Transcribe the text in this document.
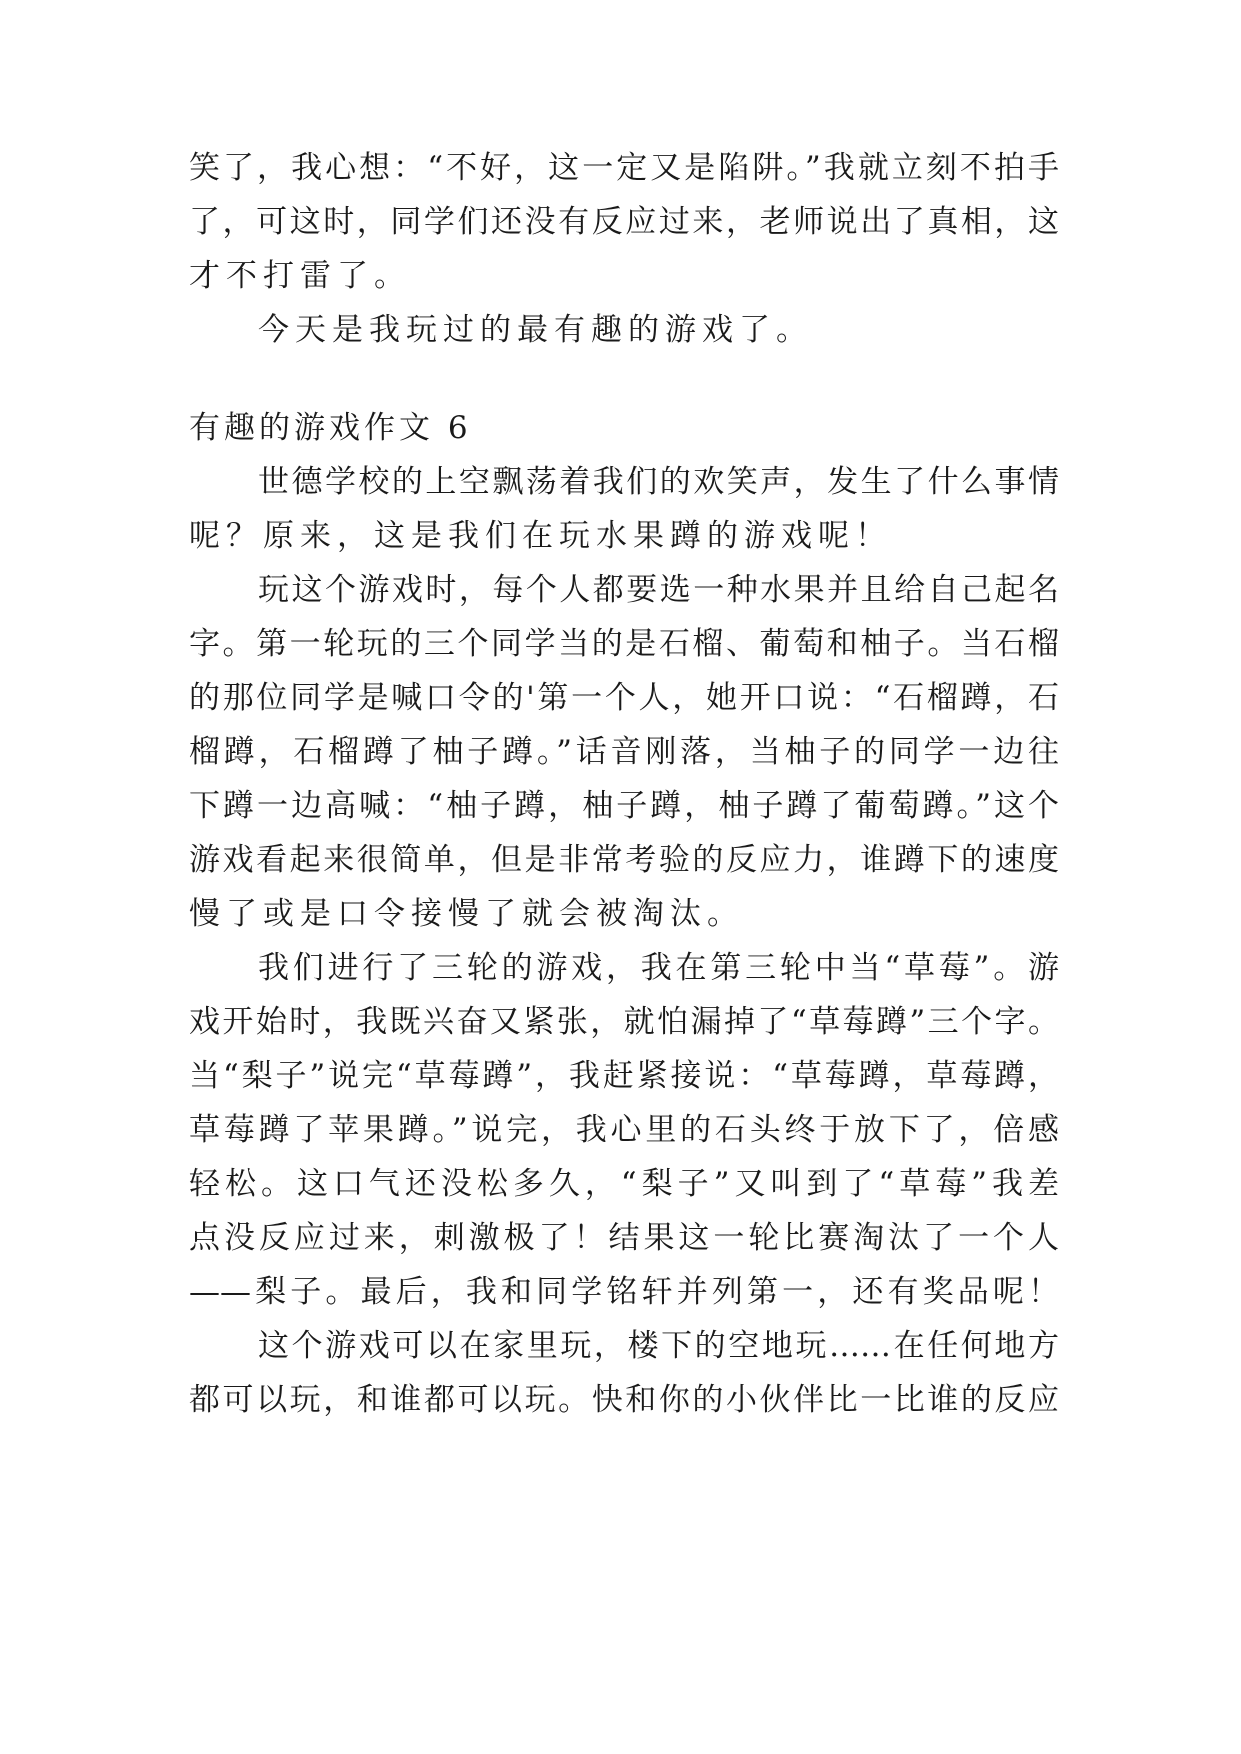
笑了，我心想：“不好，这一定又是陷阱。”我就立刻不拍手
了，可这时，同学们还没有反应过来，老师说出了真相，这
才不打雷了。
今天是我玩过的最有趣的游戏了。
有趣的游戏作文 6
世德学校的上空飘荡着我们的欢笑声，发生了什么事情
呢？原来，这是我们在玩水果蹲的游戏呢！
玩这个游戏时，每个人都要选一种水果并且给自己起名
字。第一轮玩的三个同学当的是石榴、葡萄和柚子。当石榴
的那位同学是喊口令的'第一个人，她开口说：“石榴蹲，石
榴蹲，石榴蹲了柚子蹲。”话音刚落，当柚子的同学一边往
下蹲一边高喊：“柚子蹲，柚子蹲，柚子蹲了葡萄蹲。”这个
游戏看起来很简单，但是非常考验的反应力，谁蹲下的速度
慢了或是口令接慢了就会被淘汰。
我们进行了三轮的游戏，我在第三轮中当“草莓”。游
戏开始时，我既兴奋又紧张，就怕漏掉了“草莓蹲”三个字。
当“梨子”说完“草莓蹲”，我赶紧接说：“草莓蹲，草莓蹲，
草莓蹲了苹果蹲。”说完，我心里的石头终于放下了，倍感
轻松。这口气还没松多久，“梨子”又叫到了“草莓”我差
点没反应过来，刺激极了！结果这一轮比赛淘汰了一个人
——梨子。最后，我和同学铭轩并列第一，还有奖品呢！
这个游戏可以在家里玩，楼下的空地玩……在任何地方
都可以玩，和谁都可以玩。快和你的小伙伴比一比谁的反应
